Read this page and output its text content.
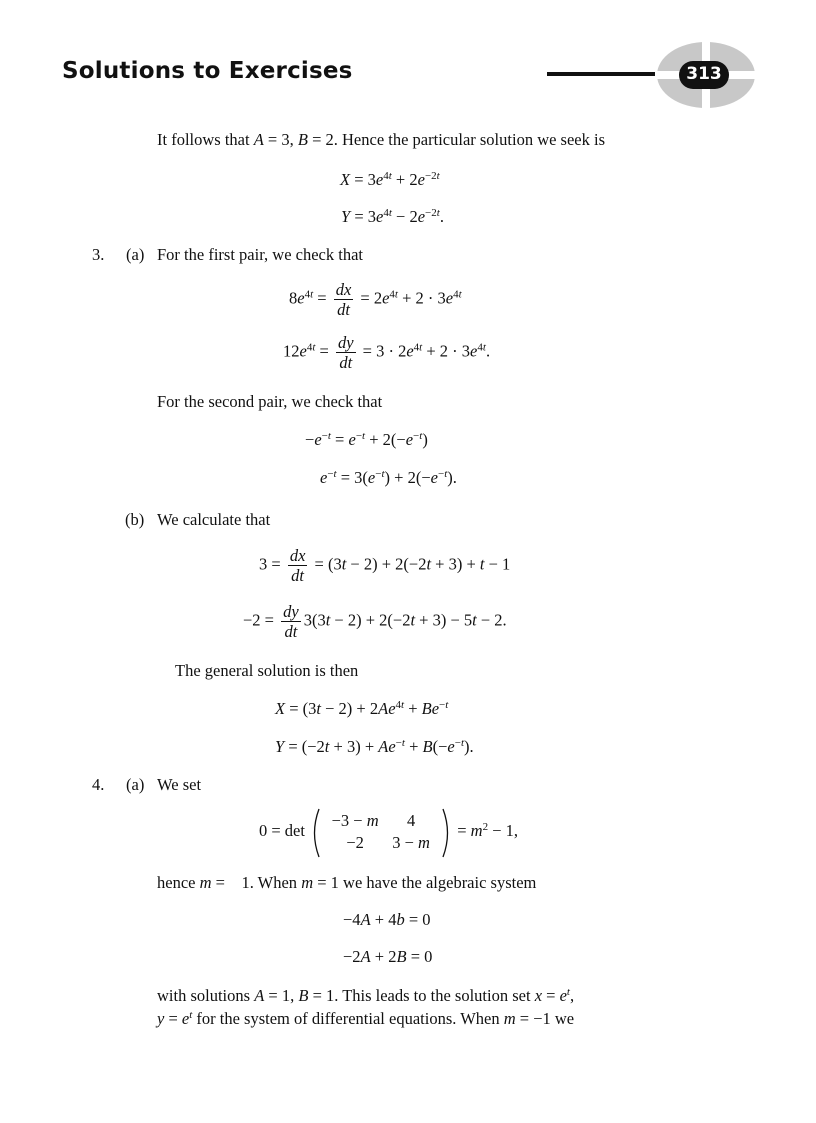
Solutions to Exercises	313
It follows that A = 3, B = 2. Hence the particular solution we seek is
$X = 3e^{4t} + 2e^{-2t}$
$Y = 3e^{4t} - 2e^{-2t}$.
3. (a) For the first pair, we check that
$8e^{4t} = \frac{dx}{dt} = 2e^{4t} + 2 \cdot 3e^{4t}$
$12e^{4t} = \frac{dy}{dt} = 3 \cdot 2e^{4t} + 2 \cdot 3e^{4t}$.
For the second pair, we check that
$-e^{-t} = e^{-t} + 2(-e^{-t})$
$e^{-t} = 3(e^{-t}) + 2(-e^{-t})$.
(b) We calculate that
$3 = \frac{dx}{dt} = (3t - 2) + 2(-2t + 3) + t - 1$
$-2 = \frac{dy}{dt} 3(3t - 2) + 2(-2t + 3) - 5t - 2$.
The general solution is then
$X = (3t - 2) + 2Ae^{4t} + Be^{-t}$
$Y = (-2t + 3) + Ae^{-t} + B(-e^{-t})$.
4. (a) We set
0 = det
−3 − m	4
−2	3 − m
= $m^2 - 1$,
hence m =    1. When m = 1 we have the algebraic system
−4A + 4b = 0
−2A + 2B = 0
with solutions A = 1, B = 1. This leads to the solution set $x = e^t$,
$y = e^t$ for the system of differential equations. When m = −1 we
